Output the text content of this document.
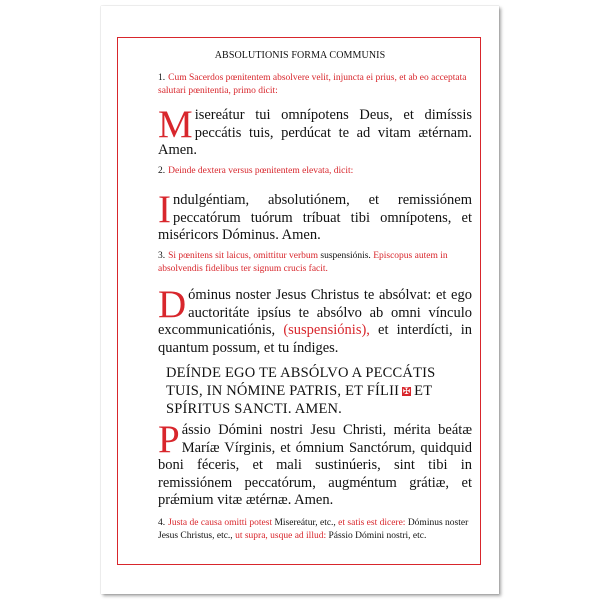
ABSOLUTIONIS FORMA COMMUNIS
1. Cum Sacerdos pœnitentem absolvere velit, injuncta ei prius, et ab eo acceptata salutari pœnitentia, primo dicit:
Misereátur tui omnípotens Deus, et dimíssis peccátis tuis, perdúcat te ad vitam ætérnam. Amen.
2. Deinde dextera versus pœnitentem elevata, dicit:
Indulgéntiam, absolutiónem, et remissiónem peccatórum tuórum tríbuat tibi omnípotens, et miséricors Dóminus. Amen.
3. Si pœnitens sit laicus, omittitur verbum suspensiónis. Episcopus autem in absolvendis fidelibus ter signum crucis facit.
Dóminus noster Jesus Christus te absólvat: et ego auctoritáte ipsíus te absólvo ab omni vínculo excommunicatiónis, (suspensiónis), et interdícti, in quantum possum, et tu índiges.
DEÍNDE EGO TE ABSÓLVO A PECCÁTIS TUIS, IN NÓMINE PATRIS, ET FÍLII ✠ ET SPÍRITUS SANCTI. AMEN.
Pássio Dómini nostri Jesu Christi, mérita beátæ Maríæ Vírginis, et ómnium Sanctórum, quidquid boni féceris, et mali sustinúeris, sint tibi in remissiónem peccatórum, augméntum grátiæ, et prǽmium vitæ ætérnæ. Amen.
4. Justa de causa omitti potest Misereátur, etc., et satis est dicere: Dóminus noster Jesus Christus, etc., ut supra, usque ad illud: Pássio Dómini nostri, etc.
